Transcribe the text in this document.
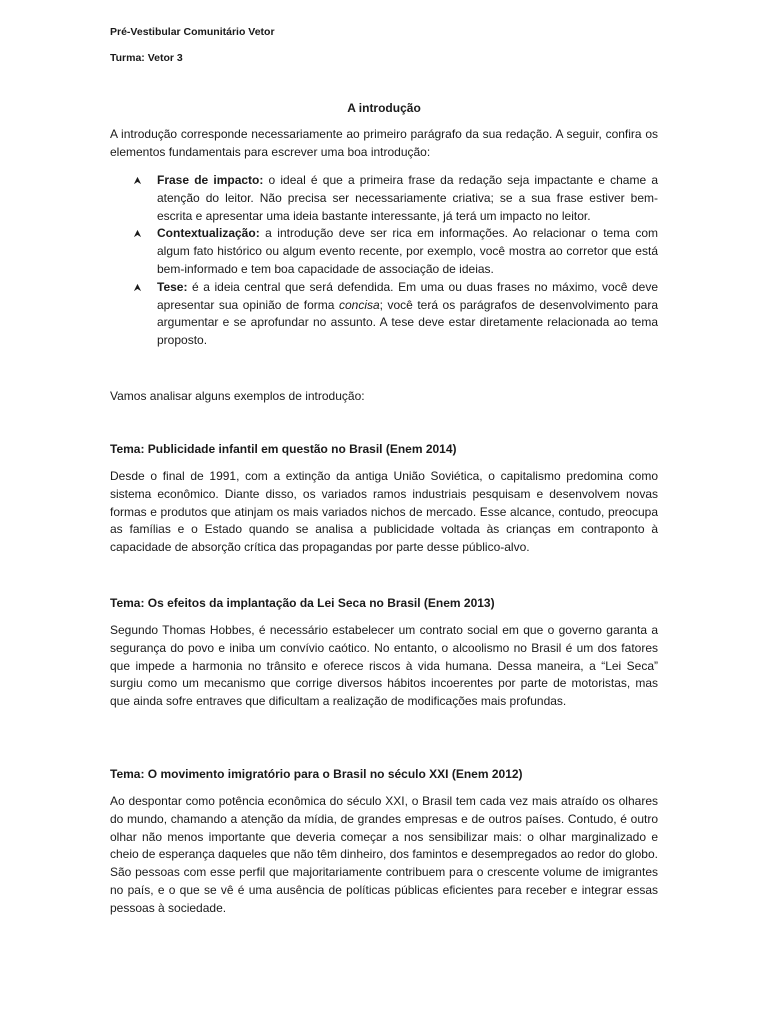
Pré-Vestibular Comunitário Vetor

Turma: Vetor 3

A introdução

A introdução corresponde necessariamente ao primeiro parágrafo da sua redação. A seguir, confira os elementos fundamentais para escrever uma boa introdução:

Frase de impacto: o ideal é que a primeira frase da redação seja impactante e chame a atenção do leitor. Não precisa ser necessariamente criativa; se a sua frase estiver bem-escrita e apresentar uma ideia bastante interessante, já terá um impacto no leitor.
Contextualização: a introdução deve ser rica em informações. Ao relacionar o tema com algum fato histórico ou algum evento recente, por exemplo, você mostra ao corretor que está bem-informado e tem boa capacidade de associação de ideias.
Tese: é a ideia central que será defendida. Em uma ou duas frases no máximo, você deve apresentar sua opinião de forma concisa; você terá os parágrafos de desenvolvimento para argumentar e se aprofundar no assunto. A tese deve estar diretamente relacionada ao tema proposto.

Vamos analisar alguns exemplos de introdução:

Tema: Publicidade infantil em questão no Brasil (Enem 2014)

Desde o final de 1991, com a extinção da antiga União Soviética, o capitalismo predomina como sistema econômico. Diante disso, os variados ramos industriais pesquisam e desenvolvem novas formas e produtos que atinjam os mais variados nichos de mercado. Esse alcance, contudo, preocupa as famílias e o Estado quando se analisa a publicidade voltada às crianças em contraponto à capacidade de absorção crítica das propagandas por parte desse público-alvo.

Tema: Os efeitos da implantação da Lei Seca no Brasil (Enem 2013)

Segundo Thomas Hobbes, é necessário estabelecer um contrato social em que o governo garanta a segurança do povo e iniba um convívio caótico. No entanto, o alcoolismo no Brasil é um dos fatores que impede a harmonia no trânsito e oferece riscos à vida humana. Dessa maneira, a “Lei Seca” surgiu como um mecanismo que corrige diversos hábitos incoerentes por parte de motoristas, mas que ainda sofre entraves que dificultam a realização de modificações mais profundas.

Tema: O movimento imigratório para o Brasil no século XXI (Enem 2012)

Ao despontar como potência econômica do século XXI, o Brasil tem cada vez mais atraído os olhares do mundo, chamando a atenção da mídia, de grandes empresas e de outros países. Contudo, é outro olhar não menos importante que deveria começar a nos sensibilizar mais: o olhar marginalizado e cheio de esperança daqueles que não têm dinheiro, dos famintos e desempregados ao redor do globo. São pessoas com esse perfil que majoritariamente contribuem para o crescente volume de imigrantes no país, e o que se vê é uma ausência de políticas públicas eficientes para receber e integrar essas pessoas à sociedade.
